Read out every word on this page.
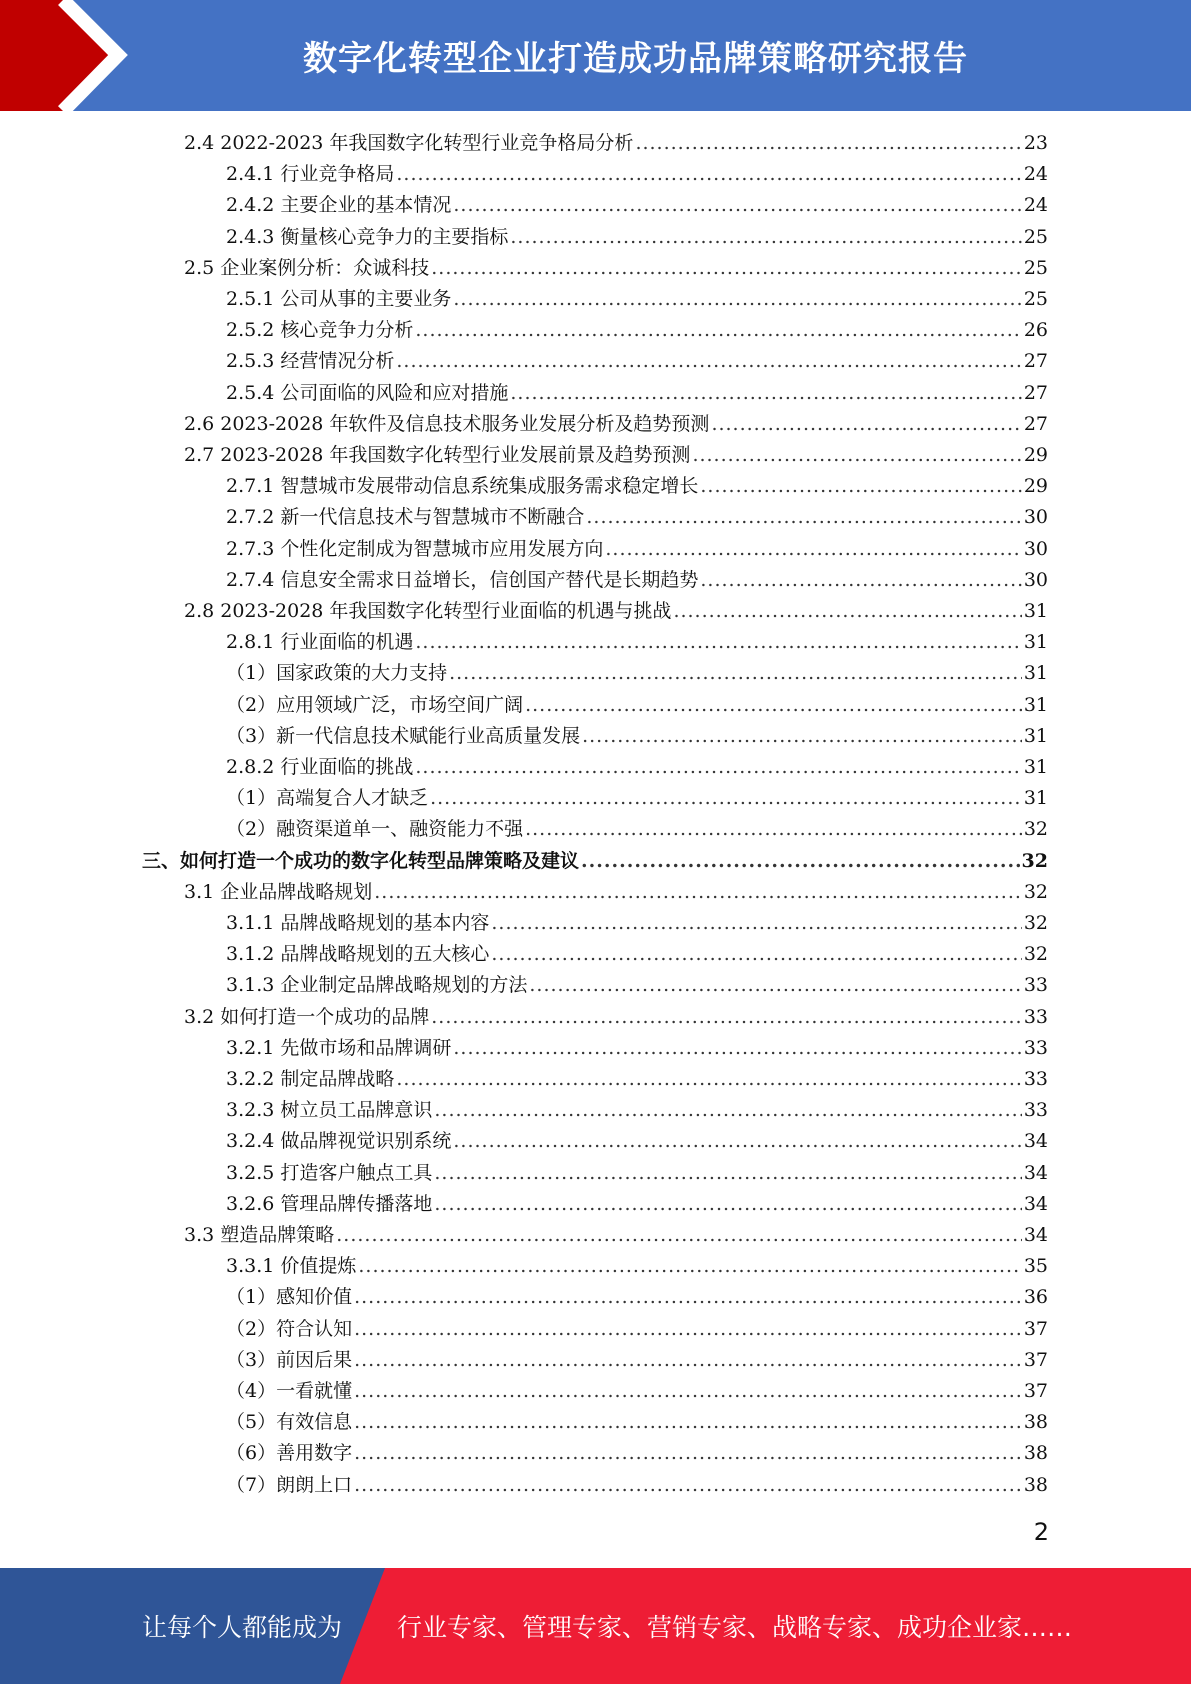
数字化转型企业打造成功品牌策略研究报告
2.4 2022-2023 年我国数字化转型行业竞争格局分析 .....	23
2.4.1 行业竞争格局 .....	24
2.4.2 主要企业的基本情况 .....	24
2.4.3 衡量核心竞争力的主要指标 .....	25
2.5 企业案例分析：众诚科技 .....	25
2.5.1 公司从事的主要业务 .....	25
2.5.2 核心竞争力分析 .....	26
2.5.3 经营情况分析 .....	27
2.5.4 公司面临的风险和应对措施 .....	27
2.6 2023-2028 年软件及信息技术服务业发展分析及趋势预测 .....	27
2.7 2023-2028 年我国数字化转型行业发展前景及趋势预测 .....	29
2.7.1 智慧城市发展带动信息系统集成服务需求稳定增长 .....	29
2.7.2 新一代信息技术与智慧城市不断融合 .....	30
2.7.3 个性化定制成为智慧城市应用发展方向 .....	30
2.7.4 信息安全需求日益增长，信创国产替代是长期趋势 .....	30
2.8 2023-2028 年我国数字化转型行业面临的机遇与挑战 .....	31
2.8.1 行业面临的机遇 .....	31
（1）国家政策的大力支持 .....	31
（2）应用领域广泛，市场空间广阔 .....	31
（3）新一代信息技术赋能行业高质量发展 .....	31
2.8.2 行业面临的挑战 .....	31
（1）高端复合人才缺乏 .....	31
（2）融资渠道单一、融资能力不强 .....	32
三、如何打造一个成功的数字化转型品牌策略及建议 .....	32
3.1 企业品牌战略规划 .....	32
3.1.1 品牌战略规划的基本内容 .....	32
3.1.2 品牌战略规划的五大核心 .....	32
3.1.3 企业制定品牌战略规划的方法 .....	33
3.2 如何打造一个成功的品牌 .....	33
3.2.1 先做市场和品牌调研 .....	33
3.2.2 制定品牌战略 .....	33
3.2.3 树立员工品牌意识 .....	33
3.2.4 做品牌视觉识别系统 .....	34
3.2.5 打造客户触点工具 .....	34
3.2.6 管理品牌传播落地 .....	34
3.3 塑造品牌策略 .....	34
3.3.1 价值提炼 .....	35
（1）感知价值 .....	36
（2）符合认知 .....	37
（3）前因后果 .....	37
（4）一看就懂 .....	37
（5）有效信息 .....	38
（6）善用数字 .....	38
（7）朗朗上口 .....	38
2
让每个人都能成为 行业专家、管理专家、营销专家、战略专家、成功企业家……
